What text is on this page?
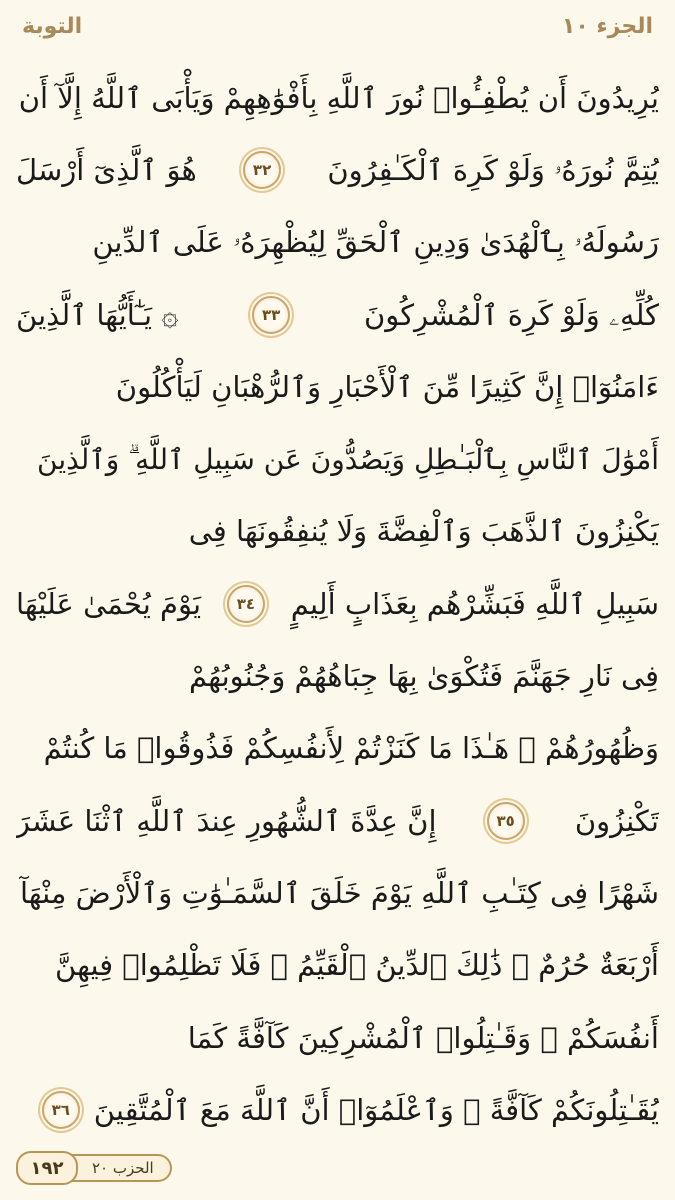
التوبة	الجزء ١٠
يُرِيدُونَ أَن يُطْفِـُٔوا۟ نُورَ ٱللَّهِ بِأَفْوَٰهِهِمْ وَيَأْبَى ٱللَّهُ إِلَّآ أَن
يُتِمَّ نُورَهُۥ وَلَوْ كَرِهَ ٱلْكَـٰفِرُونَ
٣٢
هُوَ ٱلَّذِىٓ أَرْسَلَ
رَسُولَهُۥ بِٱلْهُدَىٰ وَدِينِ ٱلْحَقِّ لِيُظْهِرَهُۥ عَلَى ٱلدِّينِ
كُلِّهِۦ وَلَوْ كَرِهَ ٱلْمُشْرِكُونَ
٣٣
۞ يَـٰٓأَيُّهَا ٱلَّذِينَ
ءَامَنُوٓا۟ إِنَّ كَثِيرًا مِّنَ ٱلْأَحْبَارِ وَٱلرُّهْبَانِ لَيَأْكُلُونَ
أَمْوَٰلَ ٱلنَّاسِ بِٱلْبَـٰطِلِ وَيَصُدُّونَ عَن سَبِيلِ ٱللَّهِ ۗ وَٱلَّذِينَ
يَكْنِزُونَ ٱلذَّهَبَ وَٱلْفِضَّةَ وَلَا يُنفِقُونَهَا فِى
سَبِيلِ ٱللَّهِ فَبَشِّرْهُم بِعَذَابٍ أَلِيمٍ
٣٤
يَوْمَ يُحْمَىٰ عَلَيْهَا
فِى نَارِ جَهَنَّمَ فَتُكْوَىٰ بِهَا جِبَاهُهُمْ وَجُنُوبُهُمْ
وَظُهُورُهُمْ ۖ هَـٰذَا مَا كَنَزْتُمْ لِأَنفُسِكُمْ فَذُوقُوا۟ مَا كُنتُمْ
تَكْنِزُونَ
٣٥
إِنَّ عِدَّةَ ٱلشُّهُورِ عِندَ ٱللَّهِ ٱثْنَا عَشَرَ
شَهْرًا فِى كِتَـٰبِ ٱللَّهِ يَوْمَ خَلَقَ ٱلسَّمَـٰوَٰتِ وَٱلْأَرْضَ مِنْهَآ
أَرْبَعَةٌ حُرُمٌ ۚ ذَٰلِكَ ٱلدِّينُ ٱلْقَيِّمُ ۚ فَلَا تَظْلِمُوا۟ فِيهِنَّ
أَنفُسَكُمْ ۚ وَقَـٰتِلُوا۟ ٱلْمُشْرِكِينَ كَآفَّةً كَمَا
يُقَـٰتِلُونَكُمْ كَآفَّةً ۚ وَٱعْلَمُوٓا۟ أَنَّ ٱللَّهَ مَعَ ٱلْمُتَّقِينَ
٣٦
١٩٢	الحزب ٢٠
